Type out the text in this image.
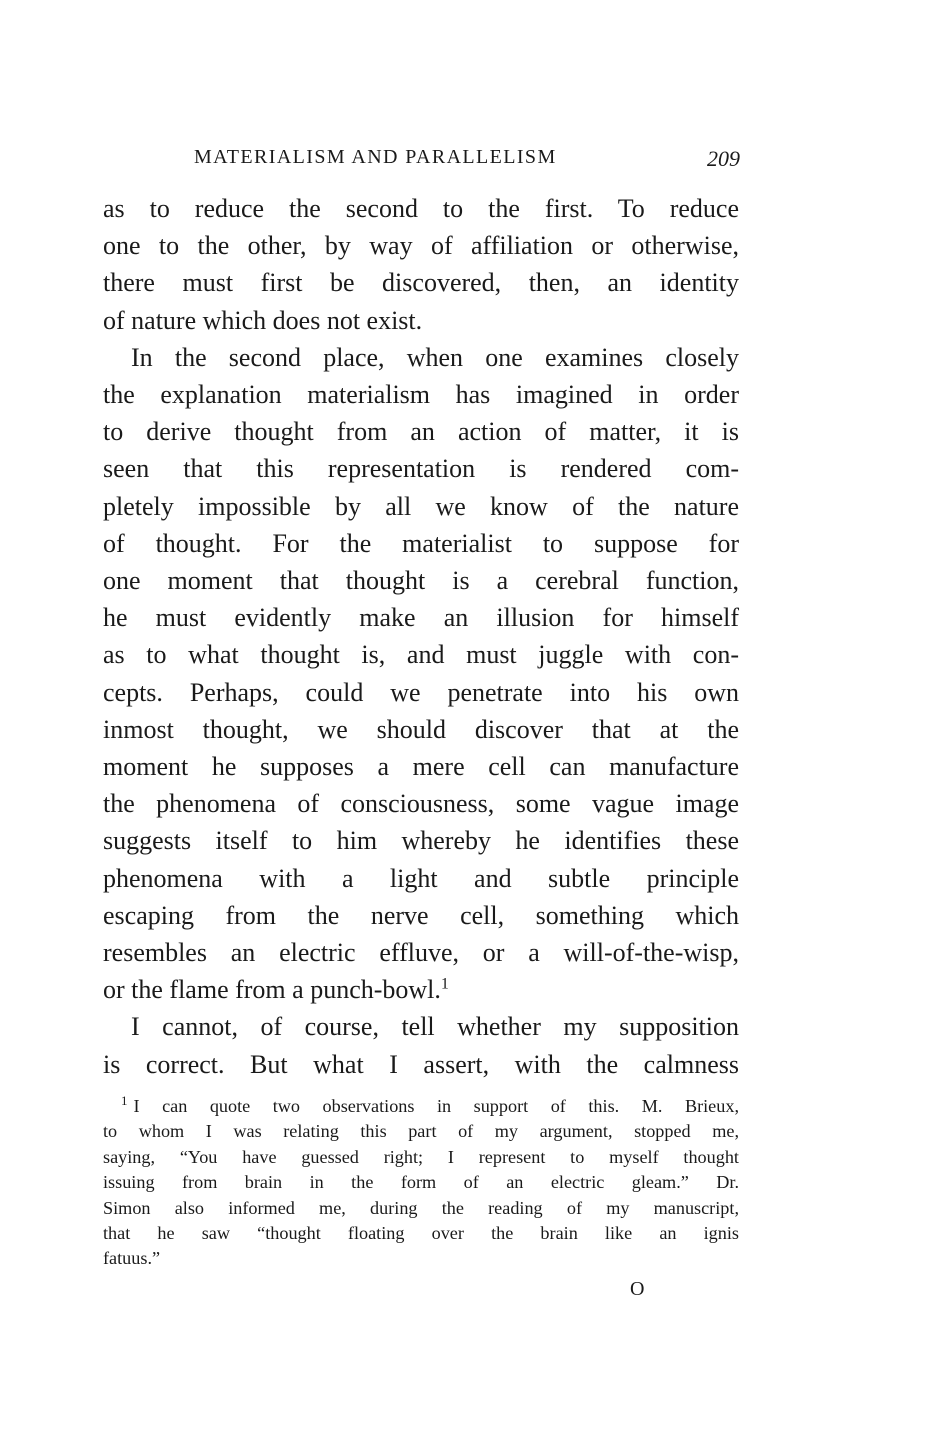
MATERIALISM AND PARALLELISM	209

as to reduce the second to the first. To reduce
one to the other, by way of affiliation or otherwise,
there must first be discovered, then, an identity
of nature which does not exist.

In the second place, when one examines closely
the explanation materialism has imagined in order
to derive thought from an action of matter, it is
seen that this representation is rendered com-
pletely impossible by all we know of the nature
of thought. For the materialist to suppose for
one moment that thought is a cerebral function,
he must evidently make an illusion for himself
as to what thought is, and must juggle with con-
cepts. Perhaps, could we penetrate into his own
inmost thought, we should discover that at the
moment he supposes a mere cell can manufacture
the phenomena of consciousness, some vague image
suggests itself to him whereby he identifies these
phenomena with a light and subtle principle
escaping from the nerve cell, something which
resembles an electric effluve, or a will-of-the-wisp,
or the flame from a punch-bowl.$^1$

I cannot, of course, tell whether my supposition
is correct. But what I assert, with the calmness

$^1$ I can quote two observations in support of this. M. Brieux,
to whom I was relating this part of my argument, stopped me,
saying, “You have guessed right; I represent to myself thought
issuing from brain in the form of an electric gleam.” Dr.
Simon also informed me, during the reading of my manuscript,
that he saw “thought floating over the brain like an ignis
fatuus.”
O
